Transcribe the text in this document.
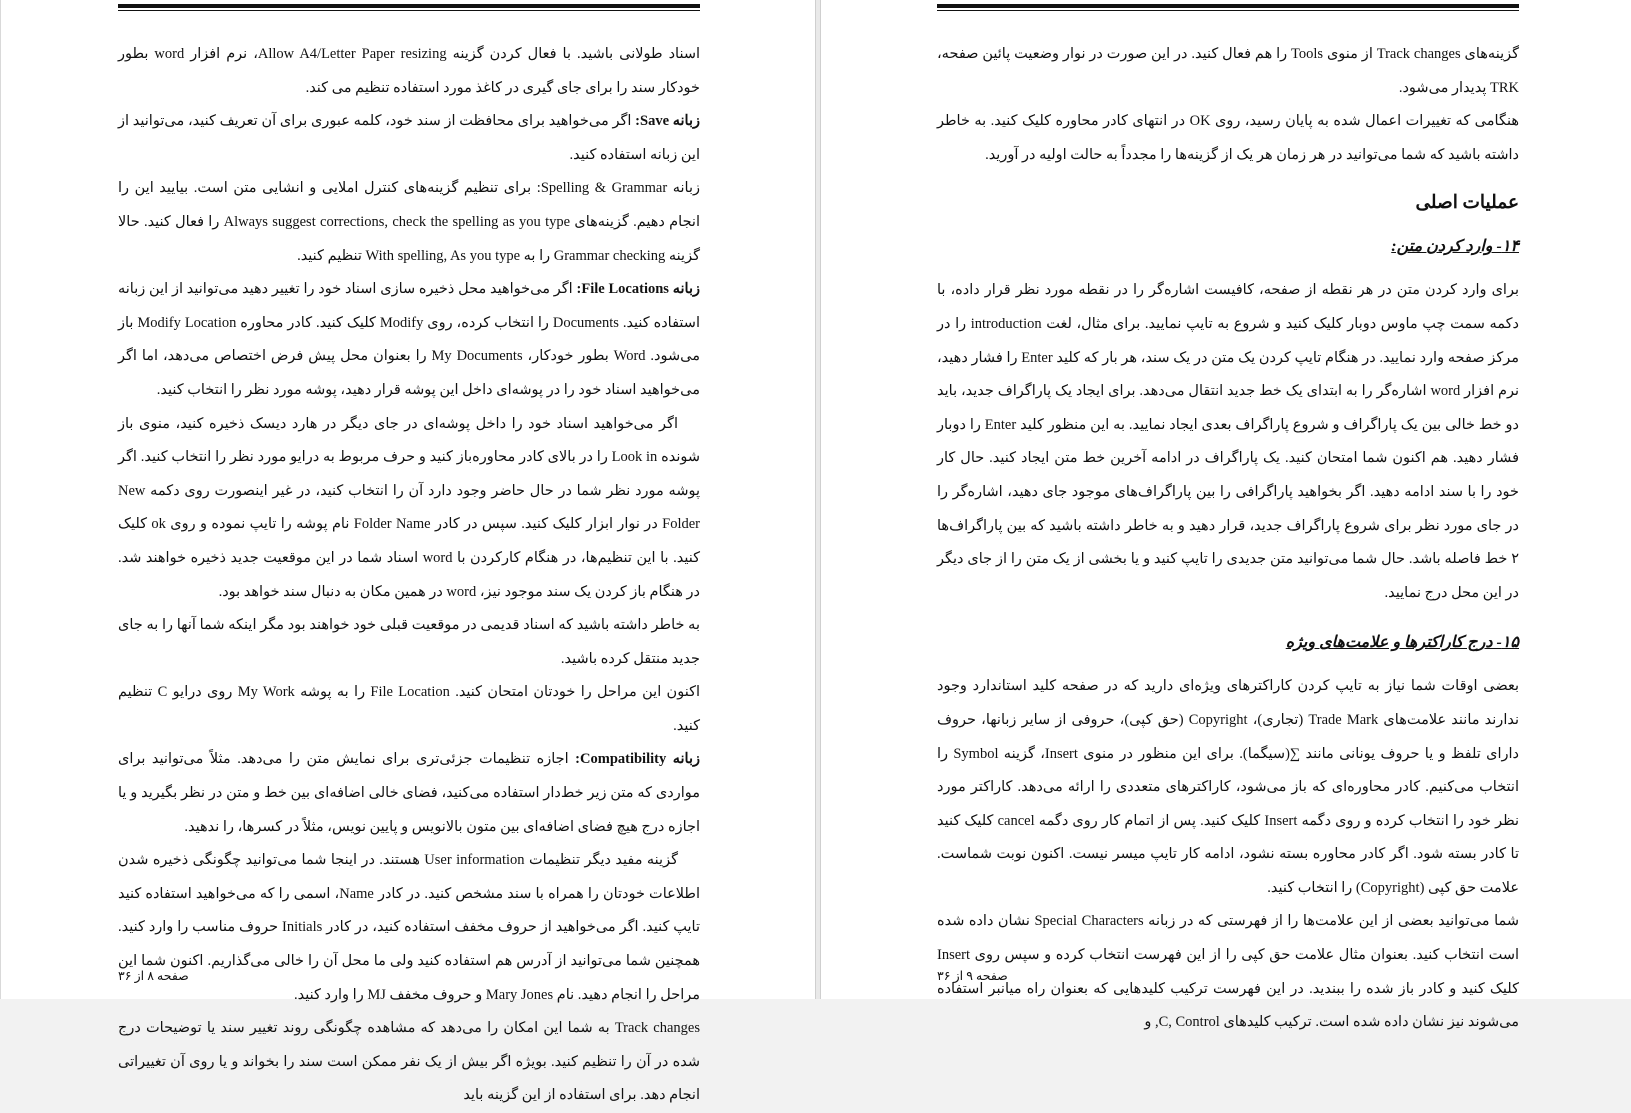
اسناد طولانی باشید. با فعال کردن گزینه Allow A4/Letter Paper resizing، نرم افزار word بطور خودکار سند را برای جای گیری در کاغذ مورد استفاده تنظیم می کند.

زبانه Save: اگر می‌خواهید برای محافظت از سند خود، کلمه عبوری برای آن تعریف کنید، می‌توانید از این زبانه استفاده کنید.

زبانه Spelling & Grammar: برای تنظیم گزینه‌های کنترل املایی و انشایی متن است. بیایید این را انجام دهیم. گزینه‌های Always suggest corrections, check the spelling as you type را فعال کنید. حالا گزینه Grammar checking را به With spelling, As you type تنظیم کنید.

زبانه File Locations: اگر می‌خواهید محل ذخیره سازی اسناد خود را تغییر دهید می‌توانید از این زبانه استفاده کنید. Documents را انتخاب کرده، روی Modify کلیک کنید. کادر محاوره Modify Location باز می‌شود. Word بطور خودکار، My Documents را بعنوان محل پیش فرض اختصاص می‌دهد، اما اگر می‌خواهید اسناد خود را در پوشه‌ای داخل این پوشه قرار دهید، پوشه مورد نظر را انتخاب کنید.

اگر می‌خواهید اسناد خود را داخل پوشه‌ای در جای دیگر در هارد دیسک ذخیره کنید، منوی باز شونده Look in را در بالای کادر محاوره‌باز کنید و حرف مربوط به درایو مورد نظر را انتخاب کنید. اگر پوشه مورد نظر شما در حال حاضر وجود دارد آن را انتخاب کنید، در غیر اینصورت روی دکمه New Folder در نوار ابزار کلیک کنید. سپس در کادر Folder Name نام پوشه را تایپ نموده و روی ok کلیک کنید. با این تنظیم‌ها، در هنگام کارکردن با word اسناد شما در این موقعیت جدید ذخیره خواهند شد. در هنگام باز کردن یک سند موجود نیز، word در همین مکان به دنبال سند خواهد بود.

به خاطر داشته باشید که اسناد قدیمی در موقعیت قبلی خود خواهند بود مگر اینکه شما آنها را به جای جدید منتقل کرده باشید.

اکنون این مراحل را خودتان امتحان کنید. File Location را به پوشه My Work روی درایو C تنظیم کنید.

زبانه Compatibility: اجازه تنظیمات جزئی‌تری برای نمایش متن را می‌دهد. مثلاً می‌توانید برای مواردی که متن زیر خط‌دار استفاده می‌کنید، فضای خالی اضافه‌ای بین خط و متن در نظر بگیرید و یا اجازه درج هیچ فضای اضافه‌ای بین متون بالانویس و پایین نویس، مثلاً در کسرها، را ندهید.

گزینه مفید دیگر تنظیمات User information هستند. در اینجا شما می‌توانید چگونگی ذخیره شدن اطلاعات خودتان را همراه با سند مشخص کنید. در کادر Name، اسمی را که می‌خواهید استفاده کنید تایپ کنید. اگر می‌خواهید از حروف مخفف استفاده کنید، در کادر Initials حروف مناسب را وارد کنید. همچنین شما می‌توانید از آدرس هم استفاده کنید ولی ما محل آن را خالی می‌گذاریم. اکنون شما این مراحل را انجام دهید. نام Mary Jones و حروف مخفف MJ را وارد کنید.

Track changes به شما این امکان را می‌دهد که مشاهده چگونگی روند تغییر سند یا توضیحات درج شده در آن را تنظیم کنید. بویژه اگر بیش از یک نفر ممکن است سند را بخواند و یا روی آن تغییراتی انجام دهد. برای استفاده از این گزینه باید

صفحه ۸ از ۳۶

گزینه‌های Track changes از منوی Tools را هم فعال کنید. در این صورت در نوار وضعیت پائین صفحه، TRK پدیدار می‌شود.

هنگامی که تغییرات اعمال شده به پایان رسید، روی OK در انتهای کادر محاوره کلیک کنید. به خاطر داشته باشید که شما می‌توانید در هر زمان هر یک از گزینه‌ها را مجدداً به حالت اولیه در آورید.

عملیات اصلی
۱۴- وارد کردن متن:

برای وارد کردن متن در هر نقطه از صفحه، کافیست اشاره‌گر را در نقطه مورد نظر قرار داده، با دکمه سمت چپ ماوس دوبار کلیک کنید و شروع به تایپ نمایید. برای مثال، لغت introduction را در مرکز صفحه وارد نمایید. در هنگام تایپ کردن یک متن در یک سند، هر بار که کلید Enter را فشار دهید، نرم افزار word اشاره‌گر را به ابتدای یک خط جدید انتقال می‌دهد. برای ایجاد یک پاراگراف جدید، باید دو خط خالی بین یک پاراگراف و شروع پاراگراف بعدی ایجاد نمایید. به این منظور کلید Enter را دوبار فشار دهید. هم اکنون شما امتحان کنید. یک پاراگراف در ادامه آخرین خط متن ایجاد کنید. حال کار خود را با سند ادامه دهید. اگر بخواهید پاراگرافی را بین پاراگراف‌های موجود جای دهید، اشاره‌گر را در جای مورد نظر برای شروع پاراگراف جدید، قرار دهید و به خاطر داشته باشید که بین پاراگراف‌ها ۲ خط فاصله باشد. حال شما می‌توانید متن جدیدی را تایپ کنید و یا بخشی از یک متن را از جای دیگر در این محل درج نمایید.

۱۵- درج کاراکترها و علامت‌های ویژه

بعضی اوقات شما نیاز به تایپ کردن کاراکترهای ویژه‌ای دارید که در صفحه کلید استاندارد وجود ندارند مانند علامت‌های Trade Mark (تجاری)، Copyright (حق کپی)، حروفی از سایر زبانها، حروف دارای تلفظ و یا حروف یونانی مانند ∑(سیگما). برای این منظور در منوی Insert، گزینه Symbol را انتخاب می‌کنیم. کادر محاوره‌ای که باز می‌شود، کاراکترهای متعددی را ارائه می‌دهد. کاراکتر مورد نظر خود را انتخاب کرده و روی دگمه Insert کلیک کنید. پس از اتمام کار روی دگمه cancel کلیک کنید تا کادر بسته شود. اگر کادر محاوره بسته نشود، ادامه کار تایپ میسر نیست. اکنون نوبت شماست. علامت حق کپی (Copyright) را انتخاب کنید.

شما می‌توانید بعضی از این علامت‌ها را از فهرستی که در زبانه Special Characters نشان داده شده است انتخاب کنید. بعنوان مثال علامت حق کپی را از این فهرست انتخاب کرده و سپس روی Insert کلیک کنید و کادر باز شده را ببندید. در این فهرست ترکیب کلیدهایی که بعنوان راه میانبر استفاده می‌شوند نیز نشان داده شده است. ترکیب کلیدهای C, Control, و

صفحه ۹ از ۳۶
